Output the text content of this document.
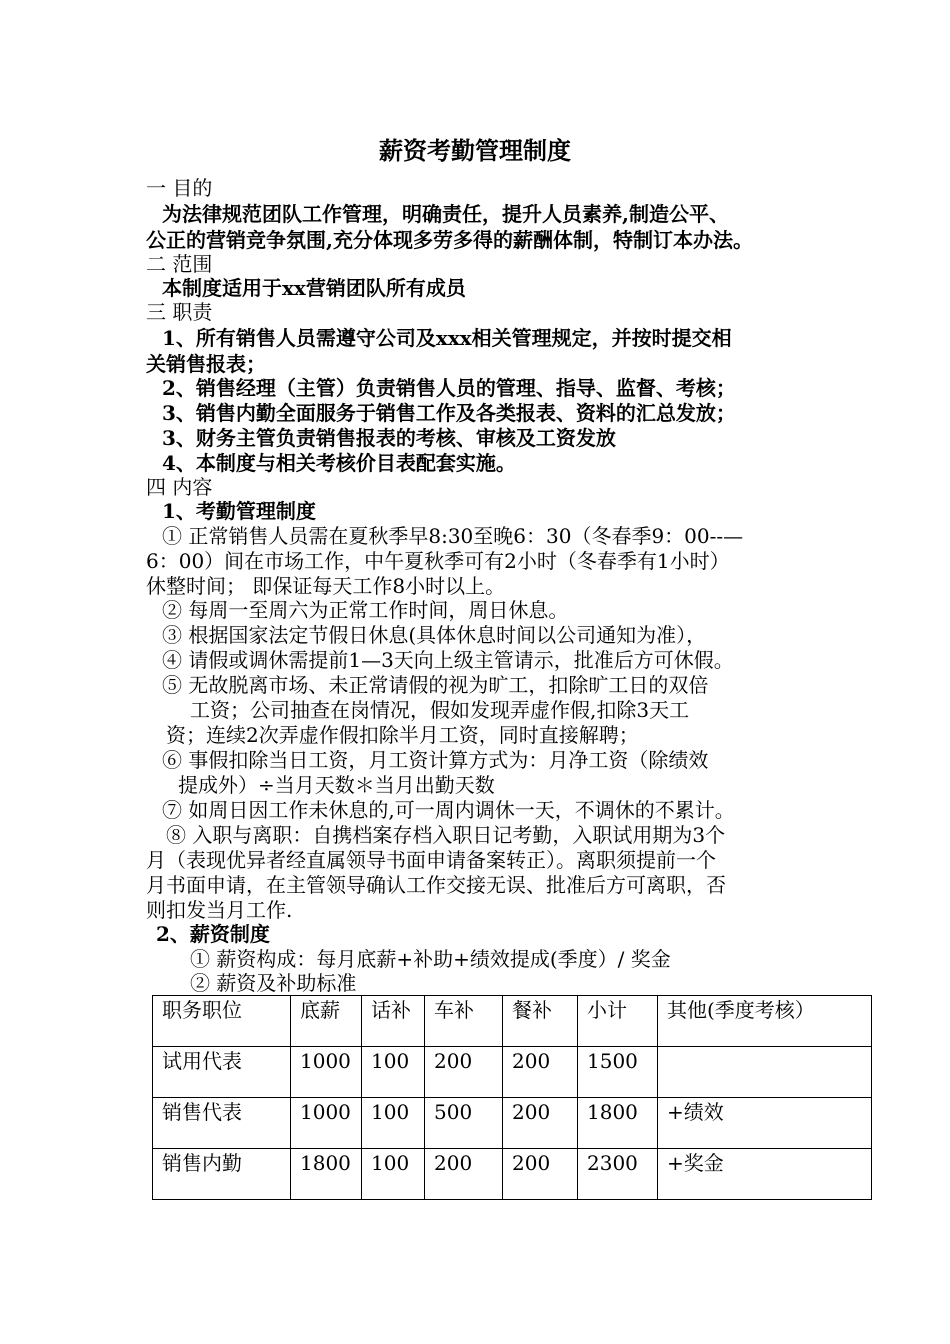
薪资考勤管理制度
一 目的
为法律规范团队工作管理，明确责任，提升人员素养,制造公平、
公正的营销竞争氛围,充分体现多劳多得的薪酬体制，特制订本办法。
二 范围
本制度适用于xx营销团队所有成员
三 职责
1、所有销售人员需遵守公司及xxx相关管理规定，并按时提交相
关销售报表；
2、销售经理（主管）负责销售人员的管理、指导、监督、考核；
3、销售内勤全面服务于销售工作及各类报表、资料的汇总发放；
3、财务主管负责销售报表的考核、审核及工资发放
4、本制度与相关考核价目表配套实施。
四 内容
1、考勤管理制度
① 正常销售人员需在夏秋季早8:30至晚6：30（冬春季9：00--—
6：00）间在市场工作，中午夏秋季可有2小时（冬春季有1小时）
休整时间； 即保证每天工作8小时以上。
② 每周一至周六为正常工作时间，周日休息。
③ 根据国家法定节假日休息(具体休息时间以公司通知为准），
④ 请假或调休需提前1—3天向上级主管请示，批准后方可休假。
⑤ 无故脱离市场、未正常请假的视为旷工，扣除旷工日的双倍
工资；公司抽查在岗情况，假如发现弄虚作假,扣除3天工
资；连续2次弄虚作假扣除半月工资，同时直接解聘；
⑥ 事假扣除当日工资，月工资计算方式为：月净工资（除绩效
提成外）÷当月天数＊当月出勤天数
⑦ 如周日因工作未休息的,可一周内调休一天，不调休的不累计。
⑧ 入职与离职：自携档案存档入职日记考勤，入职试用期为3个
月（表现优异者经直属领导书面申请备案转正）。离职须提前一个
月书面申请，在主管领导确认工作交接无误、批准后方可离职，否
则扣发当月工作.
2、薪资制度
① 薪资构成：每月底薪+补助+绩效提成(季度）/ 奖金
② 薪资及补助标准
职务职位	底薪	话补	车补	餐补	小计	其他(季度考核）
试用代表	1000	100	200	200	1500	
销售代表	1000	100	500	200	1800	+绩效
销售内勤	1800	100	200	200	2300	+奖金
